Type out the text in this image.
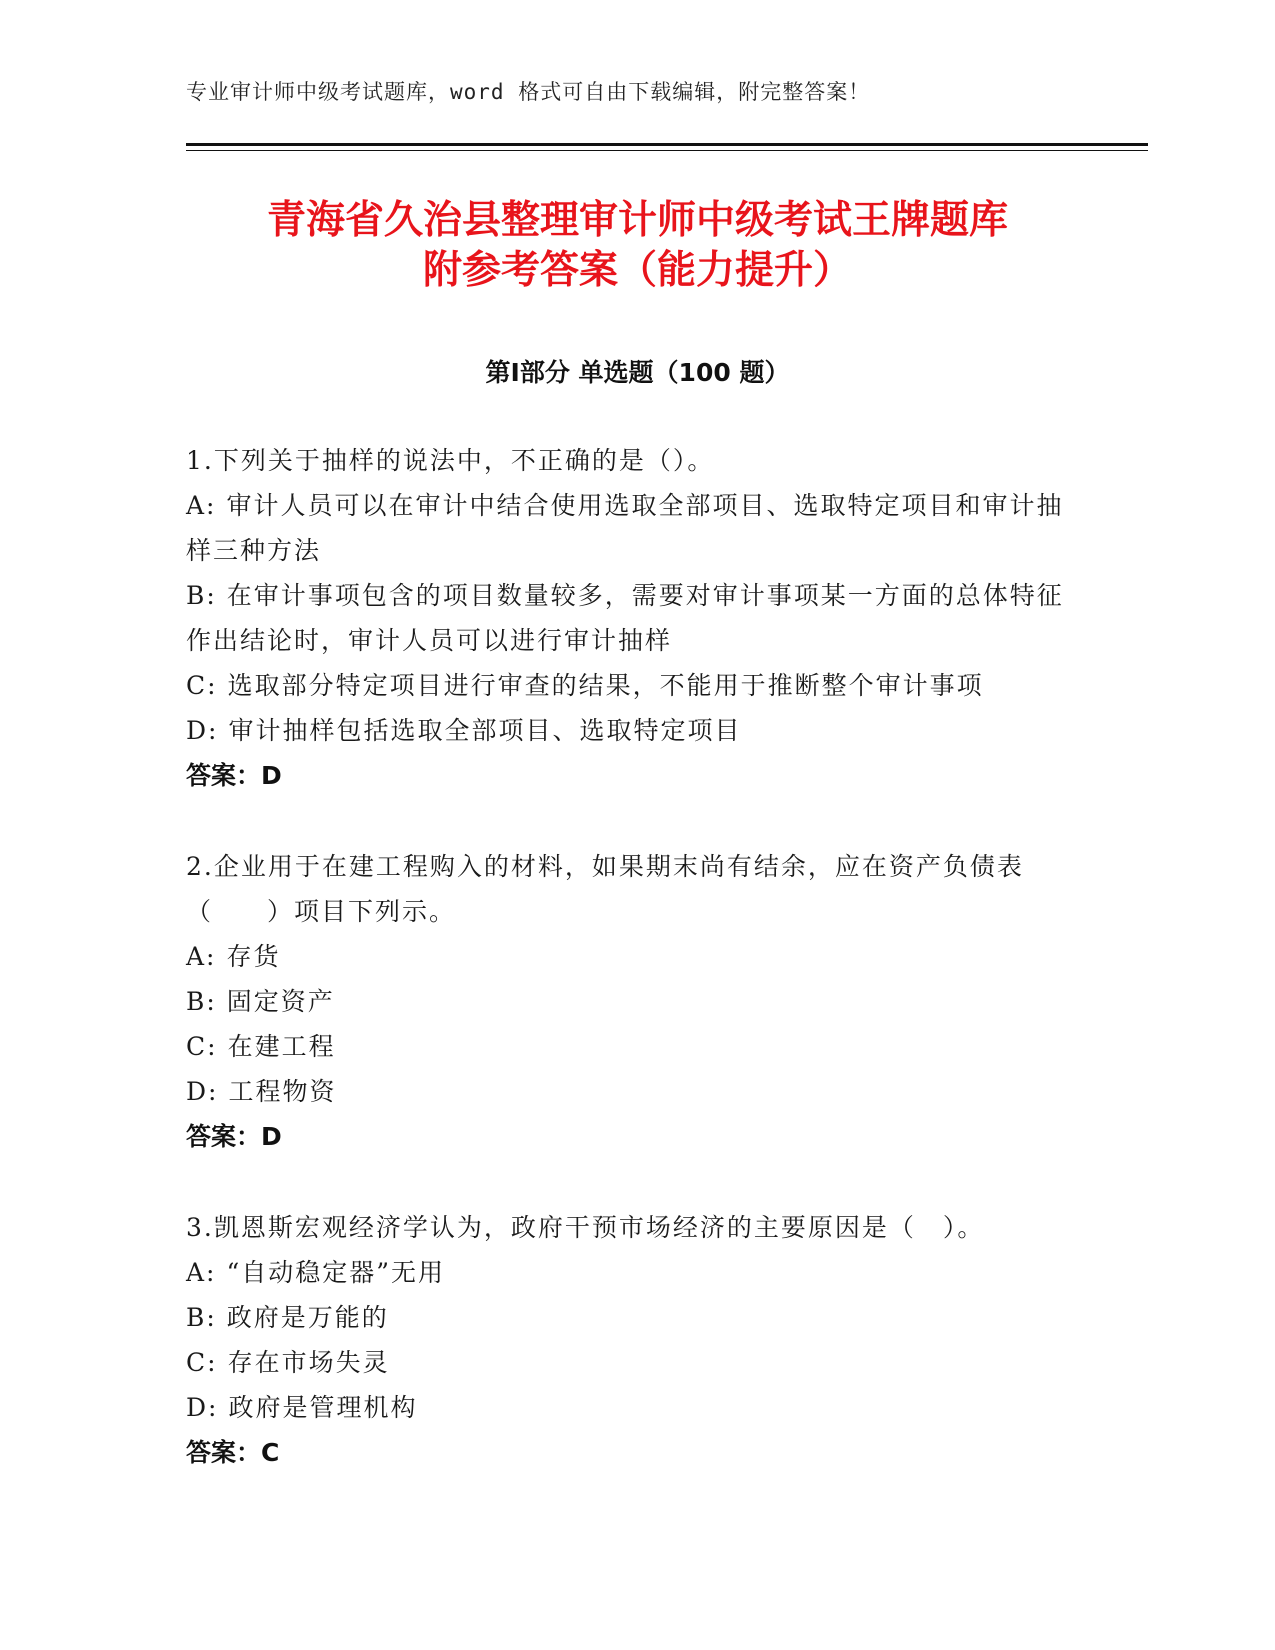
专业审计师中级考试题库，word 格式可自由下载编辑，附完整答案！
青海省久治县整理审计师中级考试王牌题库
附参考答案（能力提升）
第Ⅰ部分 单选题（100 题）
1.下列关于抽样的说法中，不正确的是（）。
A: 审计人员可以在审计中结合使用选取全部项目、选取特定项目和审计抽样三种方法
B: 在审计事项包含的项目数量较多，需要对审计事项某一方面的总体特征作出结论时，审计人员可以进行审计抽样
C: 选取部分特定项目进行审查的结果，不能用于推断整个审计事项
D: 审计抽样包括选取全部项目、选取特定项目
答案：D
2.企业用于在建工程购入的材料，如果期末尚有结余，应在资产负债表（　　）项目下列示。
A: 存货
B: 固定资产
C: 在建工程
D: 工程物资
答案：D
3.凯恩斯宏观经济学认为，政府干预市场经济的主要原因是（　）。
A: “自动稳定器”无用
B: 政府是万能的
C: 存在市场失灵
D: 政府是管理机构
答案：C
